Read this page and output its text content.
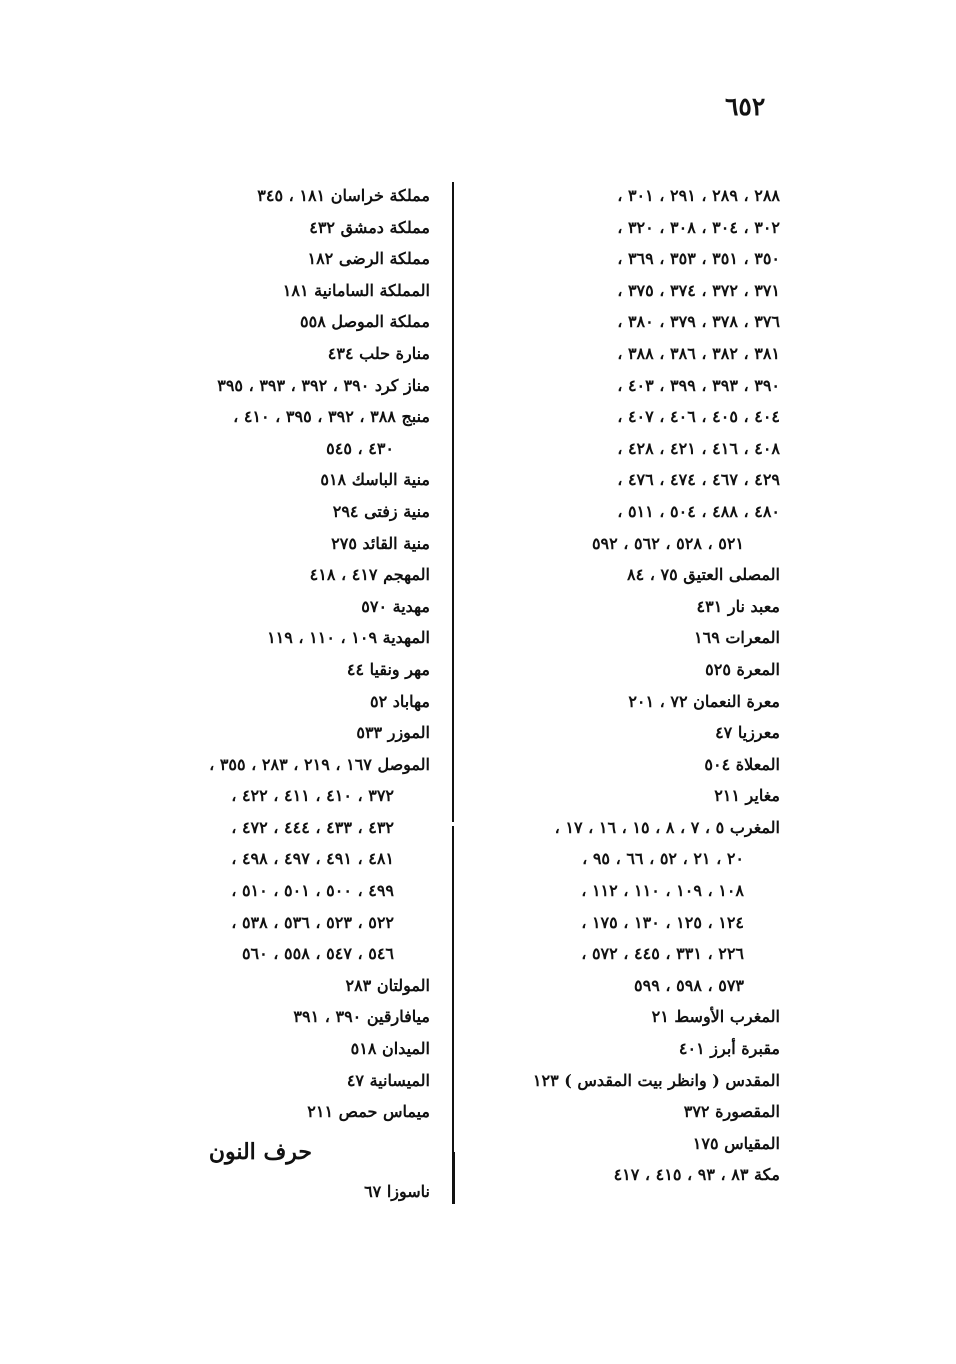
٦٥٢
٢٨٨ ، ٢٨٩ ، ٢٩١ ، ٣٠١ ،
٣٠٢ ، ٣٠٤ ، ٣٠٨ ، ٣٢٠ ،
٣٥٠ ، ٣٥١ ، ٣٥٣ ، ٣٦٩ ،
٣٧١ ، ٣٧٢ ، ٣٧٤ ، ٣٧٥ ،
٣٧٦ ، ٣٧٨ ، ٣٧٩ ، ٣٨٠ ،
٣٨١ ، ٣٨٢ ، ٣٨٦ ، ٣٨٨ ،
٣٩٠ ، ٣٩٣ ، ٣٩٩ ، ٤٠٣ ،
٤٠٤ ، ٤٠٥ ، ٤٠٦ ، ٤٠٧ ،
٤٠٨ ، ٤١٦ ، ٤٢١ ، ٤٢٨ ،
٤٢٩ ، ٤٦٧ ، ٤٧٤ ، ٤٧٦ ،
٤٨٠ ، ٤٨٨ ، ٥٠٤ ، ٥١١ ،
٥٢١ ، ٥٢٨ ، ٥٦٢ ، ٥٩٢
المصلى العتيق ٧٥ ، ٨٤
معبد نار ٤٣١
المعرات ١٦٩
المعرة ٥٢٥
معرة النعمان ٧٢ ، ٢٠١
معرزيا ٤٧
المعلاة ٥٠٤
مغاير ٢١١
المغرب ٥ ، ٧ ، ٨ ، ١٥ ، ١٦ ، ١٧ ،
٢٠ ، ٢١ ، ٥٢ ، ٦٦ ، ٩٥ ،
١٠٨ ، ١٠٩ ، ١١٠ ، ١١٢ ،
١٢٤ ، ١٢٥ ، ١٣٠ ، ١٧٥ ،
٢٢٦ ، ٣٣١ ، ٤٤٥ ، ٥٧٢ ،
٥٧٣ ، ٥٩٨ ، ٥٩٩
المغرب الأوسط ٢١
مقبرة أبرز ٤٠١
المقدس ( وانظر بيت المقدس ) ١٢٣
المقصورة ٣٧٢
المقياس ١٧٥
مكة ٨٣ ، ٩٣ ، ٤١٥ ، ٤١٧
مملكة خراسان ١٨١ ، ٣٤٥
مملكة دمشق ٤٣٢
مملكة الرضى ١٨٢
المملكة السامانية ١٨١
مملكة الموصل ٥٥٨
منارة حلب ٤٣٤
مناز كرد ٣٩٠ ، ٣٩٢ ، ٣٩٣ ، ٣٩٥
منبج ٣٨٨ ، ٣٩٢ ، ٣٩٥ ، ٤١٠ ،
٤٣٠ ، ٥٤٥
منية الباسك ٥١٨
منية زفتى ٢٩٤
منية القائد ٢٧٥
المهجم ٤١٧ ، ٤١٨
مهدية ٥٧٠
المهدية ١٠٩ ، ١١٠ ، ١١٩
مهر ونقيا ٤٤
مهاباد ٥٢
الموزر ٥٣٣
الموصل ١٦٧ ، ٢١٩ ، ٢٨٣ ، ٣٥٥ ،
٣٧٢ ، ٤١٠ ، ٤١١ ، ٤٢٢ ،
٤٣٢ ، ٤٣٣ ، ٤٤٤ ، ٤٧٢ ،
٤٨١ ، ٤٩١ ، ٤٩٧ ، ٤٩٨ ،
٤٩٩ ، ٥٠٠ ، ٥٠١ ، ٥١٠ ،
٥٢٢ ، ٥٢٣ ، ٥٣٦ ، ٥٣٨ ،
٥٤٦ ، ٥٤٧ ، ٥٥٨ ، ٥٦٠
المولتان ٢٨٣
ميافارقين ٣٩٠ ، ٣٩١
الميدان ٥١٨
الميسانية ٤٧
ميماس حمص ٢١١
حرف النون
ناسوزا ٦٧
